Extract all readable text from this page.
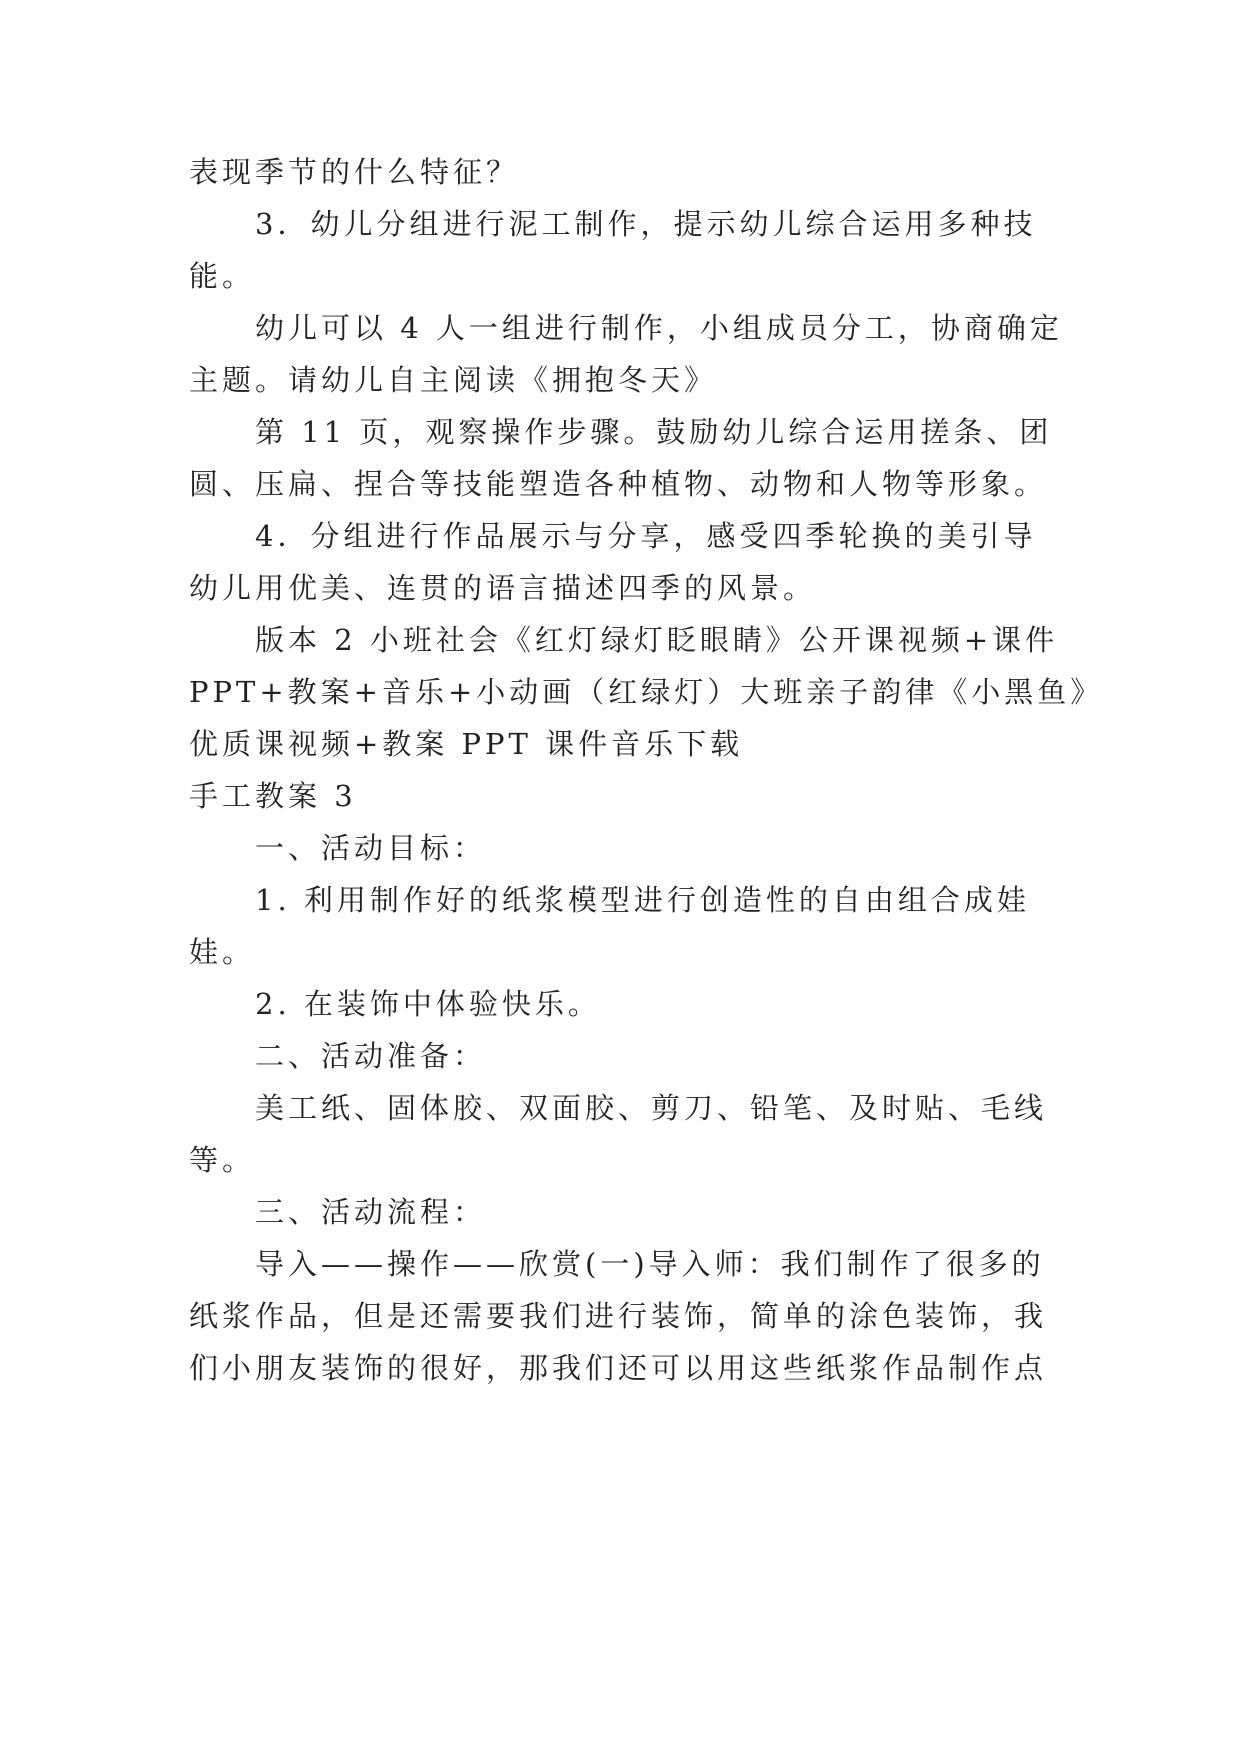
表现季节的什么特征？
3．幼儿分组进行泥工制作，提示幼儿综合运用多种技
能。
幼儿可以 4 人一组进行制作，小组成员分工，协商确定
主题。请幼儿自主阅读《拥抱冬天》
第 11 页，观察操作步骤。鼓励幼儿综合运用搓条、团
圆、压扁、捏合等技能塑造各种植物、动物和人物等形象。
4．分组进行作品展示与分享，感受四季轮换的美引导
幼儿用优美、连贯的语言描述四季的风景。
版本 2 小班社会《红灯绿灯眨眼睛》公开课视频+课件
PPT+教案+音乐+小动画（红绿灯）大班亲子韵律《小黑鱼》
优质课视频+教案 PPT 课件音乐下载
手工教案 3
一、活动目标：
1. 利用制作好的纸浆模型进行创造性的自由组合成娃
娃。
2. 在装饰中体验快乐。
二、活动准备：
美工纸、固体胶、双面胶、剪刀、铅笔、及时贴、毛线
等。
三、活动流程：
导入——操作——欣赏(一)导入师：我们制作了很多的
纸浆作品，但是还需要我们进行装饰，简单的涂色装饰，我
们小朋友装饰的很好，那我们还可以用这些纸浆作品制作点
